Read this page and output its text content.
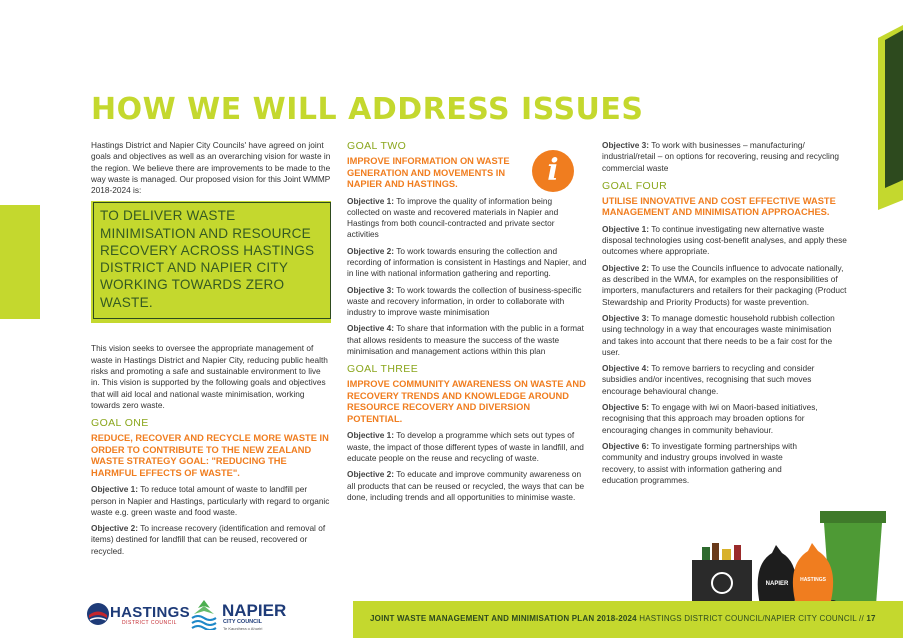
HOW WE WILL ADDRESS ISSUES

Hastings District and Napier City Councils' have agreed on joint goals and objectives as well as an overarching vision for waste in the region. We believe there are improvements to be made to the way waste is managed. Our proposed vision for this Joint WMMP 2018-2024 is:

TO DELIVER WASTE MINIMISATION AND RESOURCE RECOVERY ACROSS HASTINGS DISTRICT AND NAPIER CITY WORKING TOWARDS ZERO WASTE.

This vision seeks to oversee the appropriate management of waste in Hastings District and Napier City, reducing public health risks and promoting a safe and sustainable environment to live in. This vision is supported by the following goals and objectives that will aid local and national waste minimisation, working towards zero waste.

GOAL ONE
REDUCE, RECOVER AND RECYCLE MORE WASTE IN ORDER TO CONTRIBUTE TO THE NEW ZEALAND WASTE STRATEGY GOAL: "REDUCING THE HARMFUL EFFECTS OF WASTE".

Objective 1: To reduce total amount of waste to landfill per person in Napier and Hastings, particularly with regard to organic waste e.g. green waste and food waste.

Objective 2: To increase recovery (identification and removal of items) destined for landfill that can be reused, recovered or recycled.

GOAL TWO
IMPROVE INFORMATION ON WASTE GENERATION AND MOVEMENTS IN NAPIER AND HASTINGS.

Objective 1: To improve the quality of information being collected on waste and recovered materials in Napier and Hastings from both council-contracted and private sector activities

Objective 2: To work towards ensuring the collection and recording of information is consistent in Hastings and Napier, and in line with national information gathering and reporting.

Objective 3: To work towards the collection of business-specific waste and recovery information, in order to collaborate with industry to improve waste minimisation

Objective 4: To share that information with the public in a format that allows residents to measure the success of the waste minimisation and management actions within this plan

GOAL THREE
IMPROVE COMMUNITY AWARENESS ON WASTE AND RECOVERY TRENDS AND KNOWLEDGE AROUND RESOURCE RECOVERY AND DIVERSION POTENTIAL.

Objective 1: To develop a programme which sets out types of waste, the impact of those different types of waste in landfill, and educate people on the reuse and recycling of waste.

Objective 2: To educate and improve community awareness on all products that can be reused or recycled, the ways that can be done, including trends and all opportunities to minimise waste.

i

Objective 3: To work with businesses – manufacturing/ industrial/retail – on options for recovering, reusing and recycling commercial waste

GOAL FOUR
UTILISE INNOVATIVE AND COST EFFECTIVE WASTE MANAGEMENT AND MINIMISATION APPROACHES.

Objective 1: To continue investigating new alternative waste disposal technologies using cost-benefit analyses, and apply these outcomes where appropriate.

Objective 2: To use the Councils influence to advocate nationally, as described in the WMA, for examples on the responsibilities of importers, manufacturers and retailers for their packaging (Product Stewardship and Priority Products) for waste prevention.

Objective 3: To manage domestic household rubbish collection using technology in a way that encourages waste minimisation and takes into account that there needs to be a fair cost for the user.

Objective 4: To remove barriers to recycling and consider subsidies and/or incentives, recognising that such moves encourage behavioural change.

Objective 5: To engage with iwi on Maori-based initiatives, recognising that this approach may broaden options for encouraging changes in community behaviour.

Objective 6: To investigate forming partnerships with community and industry groups involved in waste recovery, to assist with information gathering and education programmes.

NAPIER
HASTINGS
JOINT WASTE MANAGEMENT AND MINIMISATION PLAN 2018-2024 HASTINGS DISTRICT COUNCIL/NAPIER CITY COUNCIL // 17
HASTINGS
DISTRICT COUNCIL
NAPIER
CITY COUNCIL
Te Kaunihera o Ahuriri
